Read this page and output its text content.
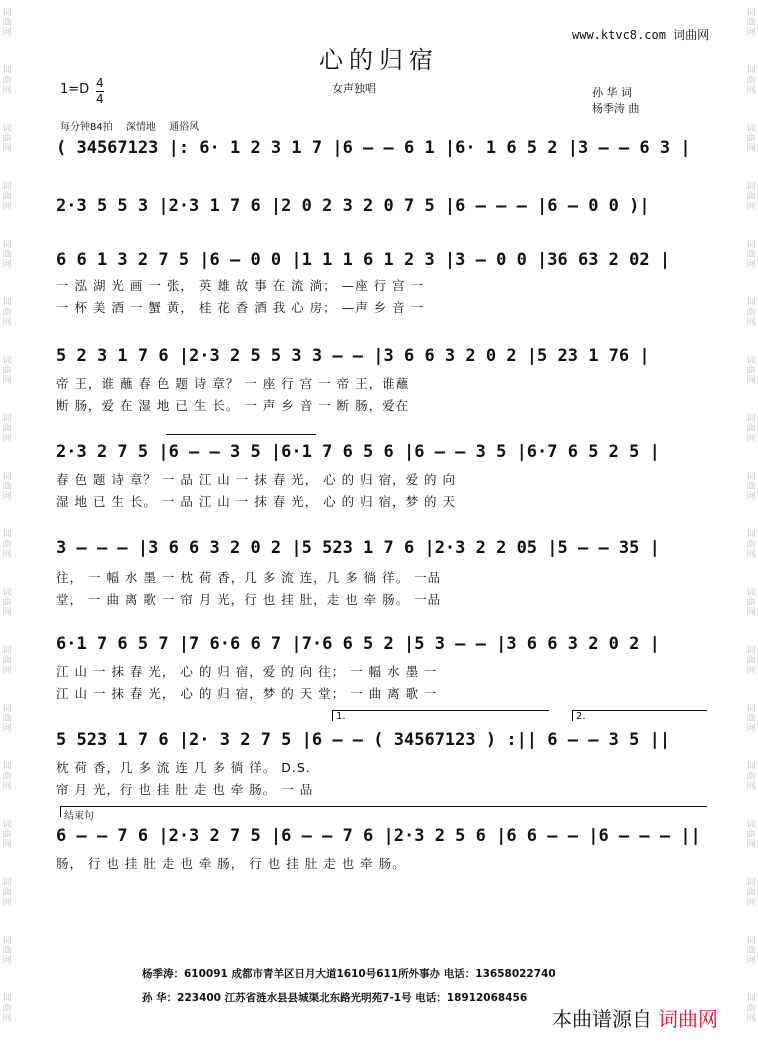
词
曲
网
词
曲
网
词
曲
网
词
曲
网
词
曲
网
词
曲
网
词
曲
网
词
曲
网
词
曲
网
词
曲
网
词
曲
网
词
曲
网
词
曲
网
词
曲
网
词
曲
网
词
曲
网
词
曲
网
词
曲
网
词
曲
网
词
曲
网
词
曲
网
词
曲
网
词
曲
网
词
曲
网
词
曲
网
词
曲
网
词
曲
网
词
曲
网
词
曲
网
词
曲
网
词
曲
网
词
曲
网
词
曲
网
词
曲
网
词
曲
网
词
曲
网
www.ktvc8.com 词曲网
心的归宿
女声独唱
1=D 4
4	孙 华 词
杨季涛 曲
每分钟84拍 深情地 通俗风
( 34567123 |: 6· 1 2 3 1 7 |6 – – 6 1 |6· 1 6 5 2 |3 – – 6 3 |
2·3 5 5 3 |2·3 1 7 6 |2 0 2 3 2 0 7 5 |6 – – – |6 – 0 0 )|
6 6 1 3 2 7 5 |6 – 0 0 |1 1 1 6 1 2 3 |3 – 0 0 |36 63 2 02 |
一 泓 湖 光 画 一 张， 英 雄 故 事 在 流 淌； —座 行 宫 一
一 杯 美 酒 一 蟹 黄， 桂 花 香 酒 我 心 房； —声 乡 音 一
5 2 3 1 7 6 |2·3 2 5 5 3 3 – – |3 6 6 3 2 0 2 |5 23 1 76 |
帝 王，谁 蘸 春 色 题 诗 章？ 一 座 行 宫 一 帝 王，谁蘸
断 肠，爱 在 湿 地 已 生 长。 一 声 乡 音 一 断 肠，爱在
2·3 2 7 5 |6 – – 3 5 |6·1 7 6 5 6 |6 – – 3 5 |6·7 6 5 2 5 |
春 色 题 诗 章？ 一 品 江 山 一 抹 春 光， 心 的 归 宿，爱 的 向
湿 地 已 生 长。 一 品 江 山 一 抹 春 光， 心 的 归 宿，梦 的 天
3 – – – |3 6 6 3 2 0 2 |5 523 1 7 6 |2·3 2 2 05 |5 – – 35 |
往， 一 幅 水 墨 一 枕 荷 香，几 多 流 连，几 多 徜 徉。 一品
堂， 一 曲 离 歌 一 帘 月 光，行 也 挂 肚，走 也 牵 肠。 一品
6·1 7 6 5 7 |7 6·6 6 7 |7·6 6 5 2 |5 3 – – |3 6 6 3 2 0 2 |
江 山 一 抹 春 光， 心 的 归 宿，爱 的 向 往； 一 幅 水 墨 一
江 山 一 抹 春 光， 心 的 归 宿，梦 的 天 堂； 一 曲 离 歌 一
1.	2.
5 523 1 7 6 |2· 3 2 7 5 |6 – – ( 34567123 ) :|| 6 – – 3 5 ||
枕 荷 香，几 多 流 连 几 多 徜 徉。 D.S.
帘 月 光，行 也 挂 肚 走 也 牵 肠。 一 品
结束句
6 – – 7 6 |2·3 2 7 5 |6 – – 7 6 |2·3 2 5 6 |6 6 – – |6 – – – ||
肠， 行 也 挂 肚 走 也 牵 肠， 行 也 挂 肚 走 也 牵 肠。
杨季涛：610091 成都市青羊区日月大道1610号611所外事办 电话：13658022740
孙 华：223400 江苏省涟水县县城渠北东路光明苑7-1号 电话：18912068456
本曲谱源自 词曲网
